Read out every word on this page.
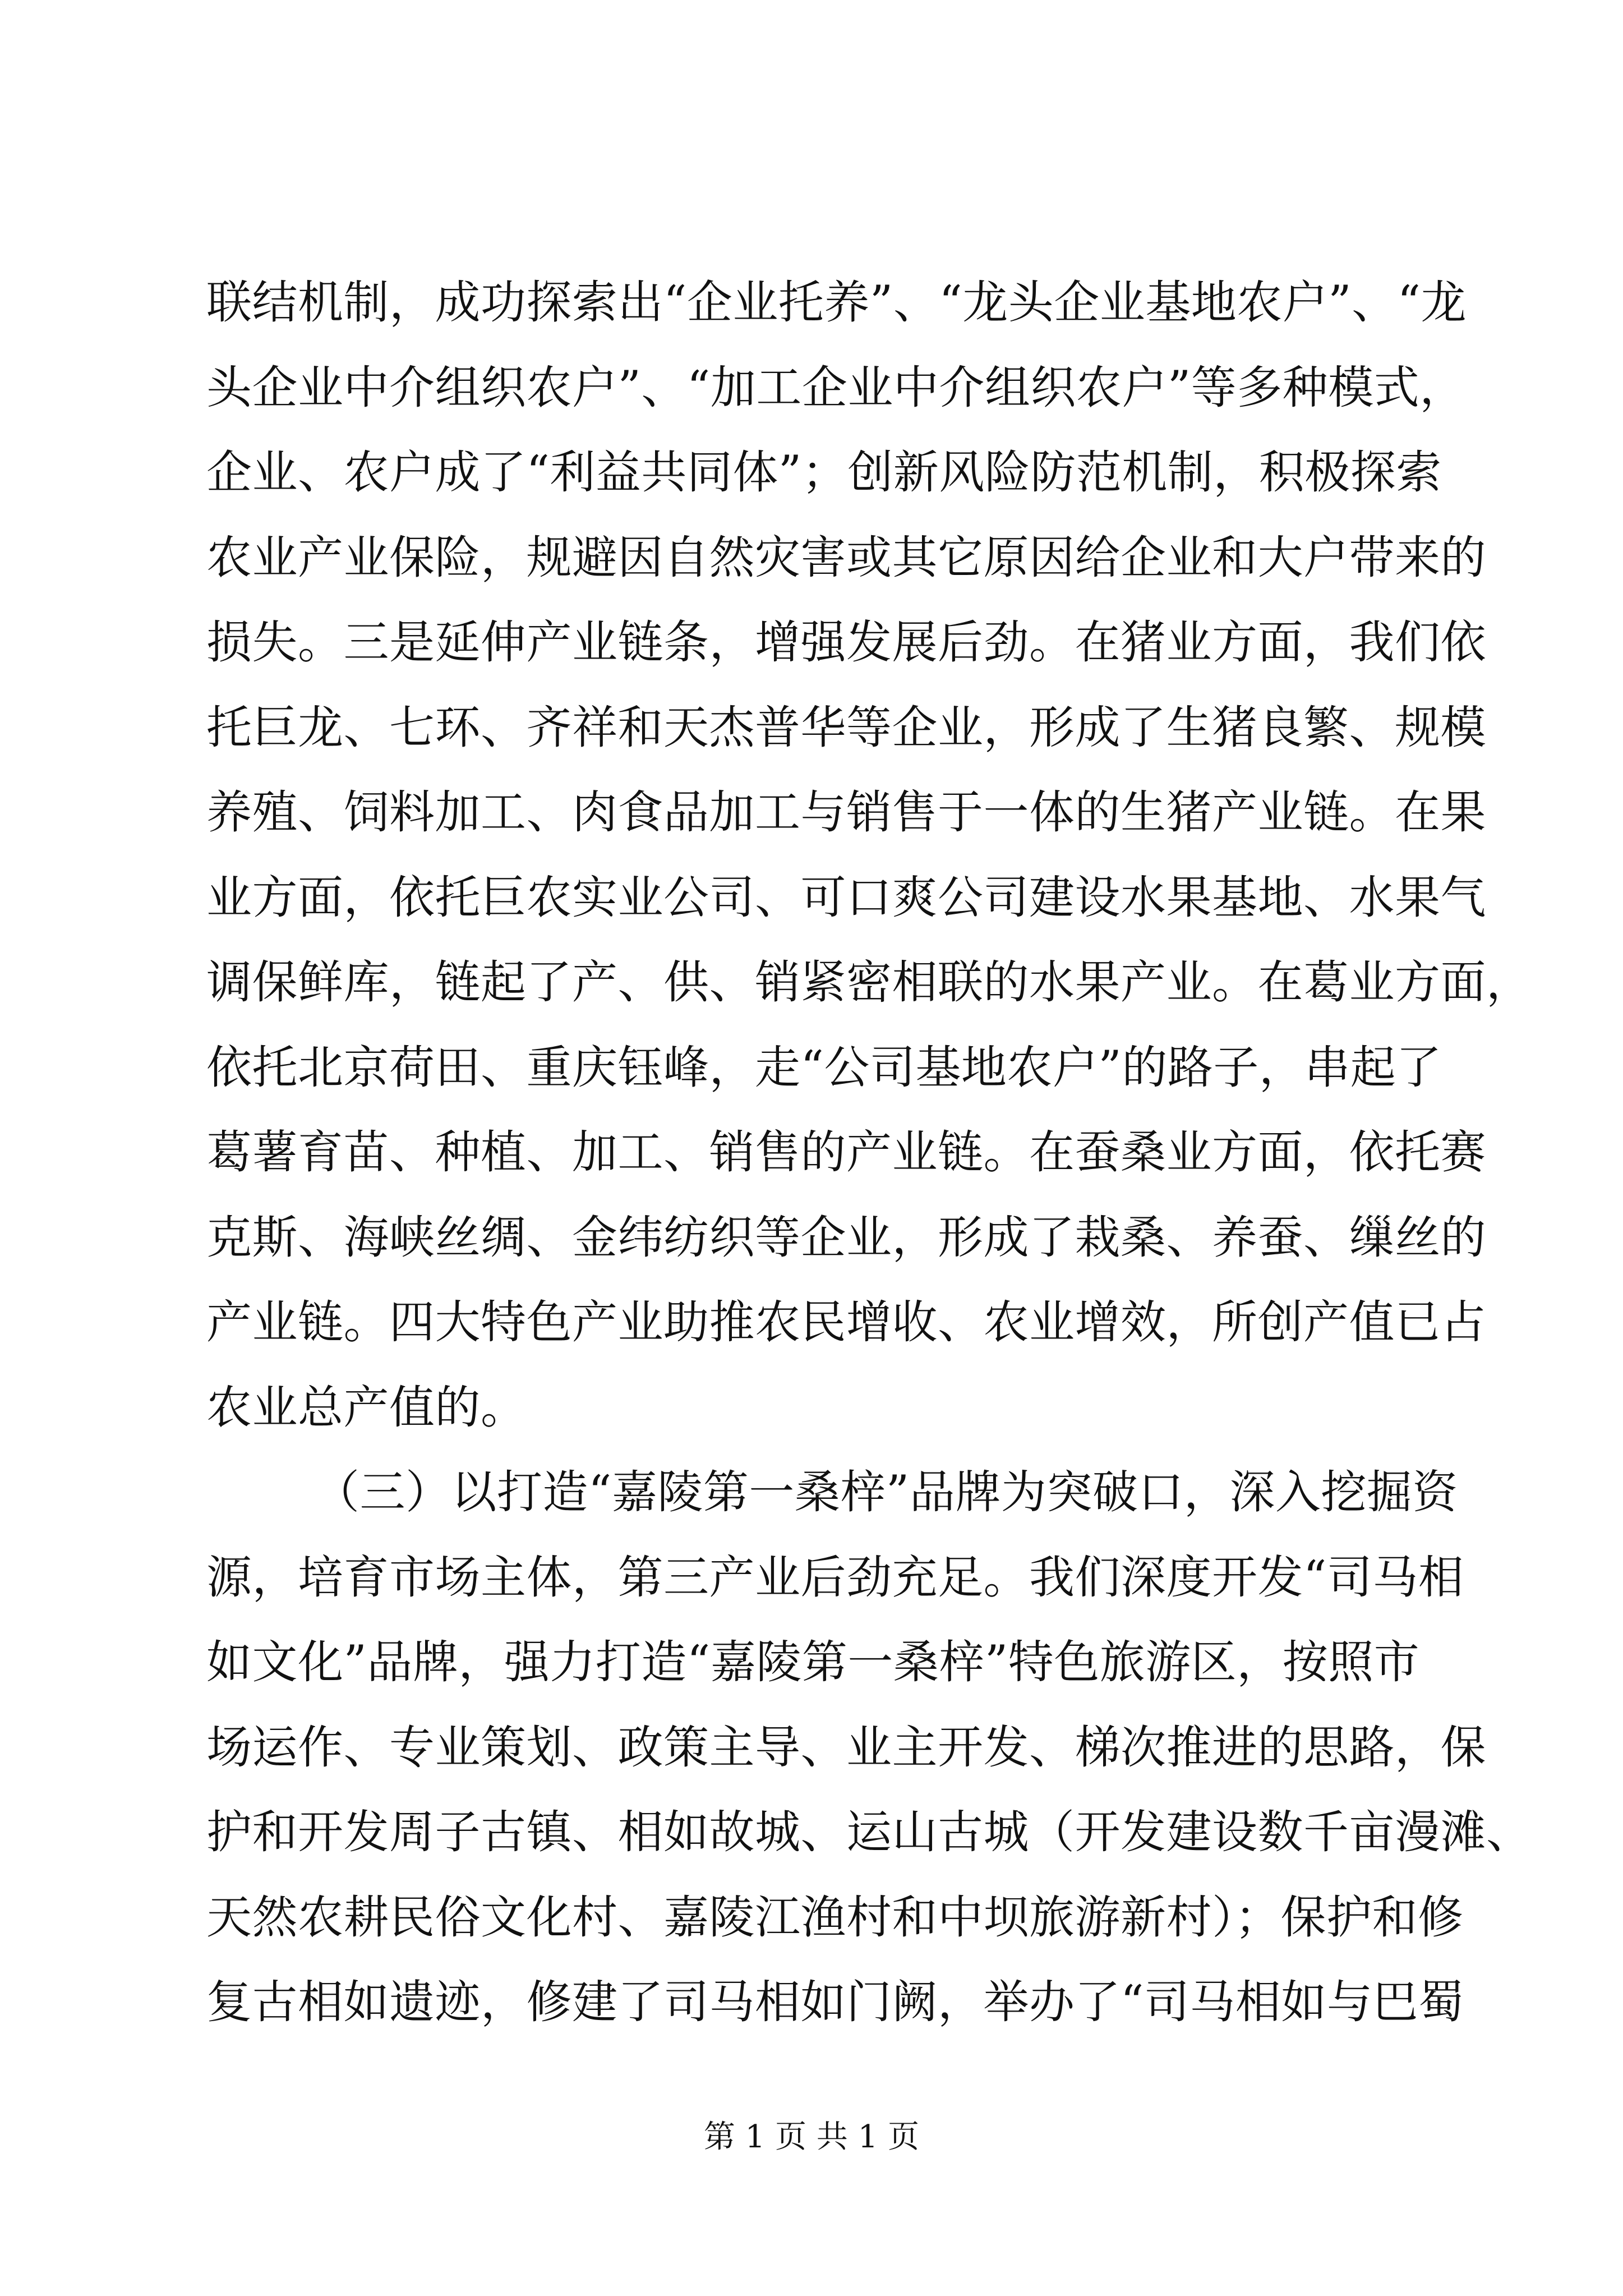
联结机制，成功探索出“企业托养”、“龙头企业基地农户”、“龙
头企业中介组织农户”、“加工企业中介组织农户”等多种模式，
企业、农户成了“利益共同体”；创新风险防范机制，积极探索
农业产业保险，规避因自然灾害或其它原因给企业和大户带来的
损失。三是延伸产业链条，增强发展后劲。在猪业方面，我们依
托巨龙、七环、齐祥和天杰普华等企业，形成了生猪良繁、规模
养殖、饲料加工、肉食品加工与销售于一体的生猪产业链。在果
业方面，依托巨农实业公司、可口爽公司建设水果基地、水果气
调保鲜库，链起了产、供、销紧密相联的水果产业。在葛业方面，
依托北京荷田、重庆钰峰，走“公司基地农户”的路子，串起了
葛薯育苗、种植、加工、销售的产业链。在蚕桑业方面，依托赛
克斯、海峡丝绸、金纬纺织等企业，形成了栽桑、养蚕、缫丝的
产业链。四大特色产业助推农民增收、农业增效，所创产值已占
农业总产值的。
（三）以打造“嘉陵第一桑梓”品牌为突破口，深入挖掘资
源，培育市场主体，第三产业后劲充足。我们深度开发“司马相
如文化”品牌，强力打造“嘉陵第一桑梓”特色旅游区，按照市
场运作、专业策划、政策主导、业主开发、梯次推进的思路，保
护和开发周子古镇、相如故城、运山古城（开发建设数千亩漫滩、
天然农耕民俗文化村、嘉陵江渔村和中坝旅游新村）；保护和修
复古相如遗迹，修建了司马相如门阙，举办了“司马相如与巴蜀
第 1 页 共 1 页
